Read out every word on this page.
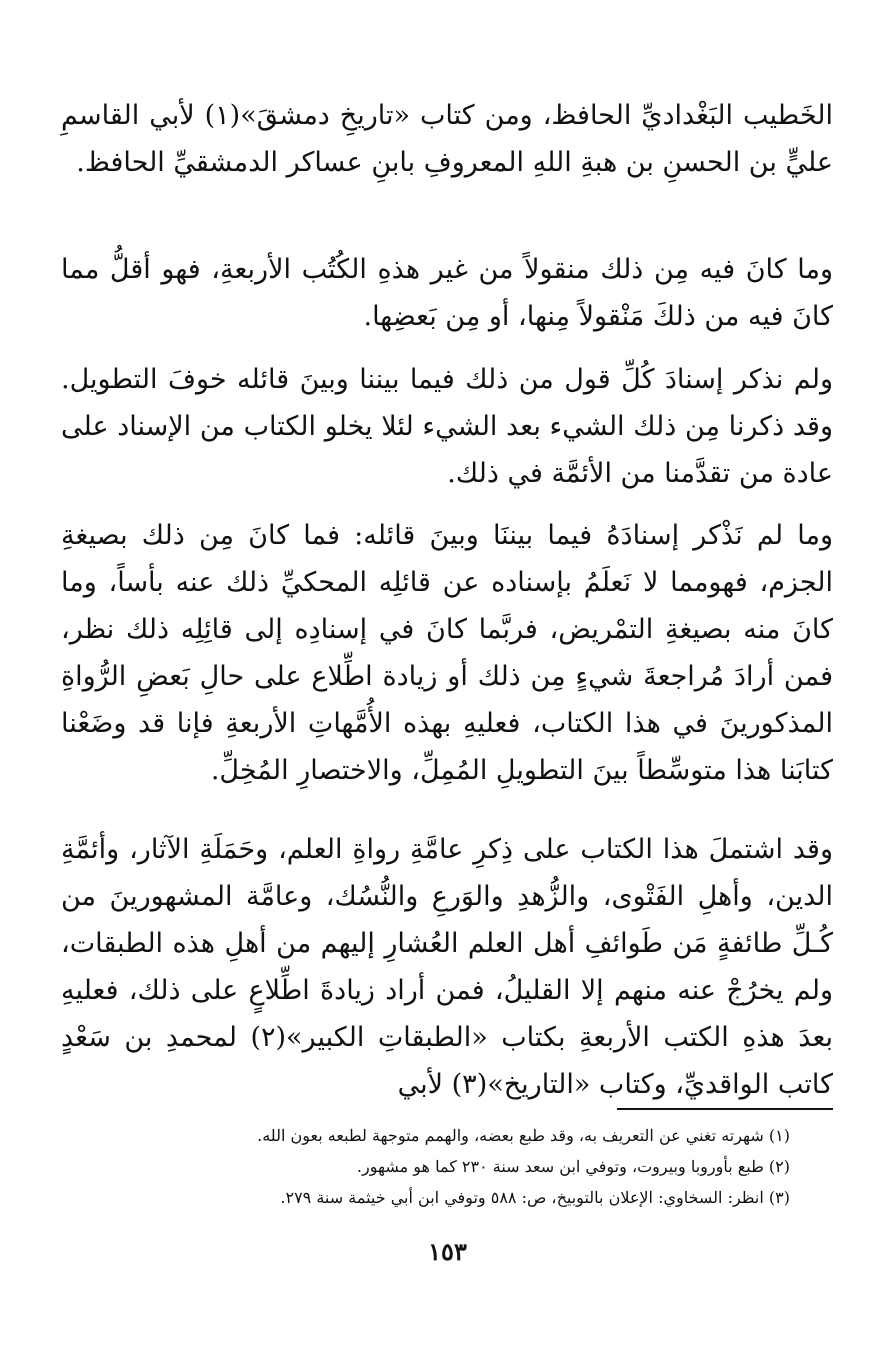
الخَطيب البَغْداديِّ الحافظ، ومن كتاب «تاريخِ دمشقَ»(١) لأبي القاسمِ عليٍّ بن الحسنِ بن هبةِ اللهِ المعروفِ بابنِ عساكر الدمشقيِّ الحافظ.

وما كانَ فيه مِن ذلك منقولاً من غير هذهِ الكُتُب الأربعةِ، فهو أقلُّ مما كانَ فيه من ذلكَ مَنْقولاً مِنها، أو مِن بَعضِها.

ولم نذكر إسنادَ كُلِّ قول من ذلك فيما بيننا وبينَ قائله خوفَ التطويل. وقد ذكرنا مِن ذلك الشيء بعد الشيء لئلا يخلو الكتاب من الإسناد على عادة من تقدَّمنا من الأئمَّة في ذلك.

وما لم نَذْكر إسنادَهُ فيما بيننَا وبينَ قائله: فما كانَ مِن ذلك بصيغةِ الجزم، فهومما لا نَعلَمُ بإسناده عن قائلِه المحكيِّ ذلك عنه بأساً، وما كانَ منه بصيغةِ التمْريض، فربَّما كانَ في إسنادِه إلى قائِلِه ذلك نظر، فمن أرادَ مُراجعةَ شيءٍ مِن ذلك أو زيادة اطِّلاع على حالِ بَعضِ الرُّواةِ المذكورينَ في هذا الكتاب، فعليهِ بهذه الأُمَّهاتِ الأربعةِ فإنا قد وضَعْنا كتابَنا هذا متوسِّطاً بينَ التطويلِ المُمِلِّ، والاختصارِ المُخِلِّ.

وقد اشتملَ هذا الكتاب على ذِكرِ عامَّةِ رواةِ العلم، وحَمَلَةِ الآثار، وأئمَّةِ الدين، وأهلِ الفَتْوى، والزُّهدِ والوَرعِ والنُّسُك، وعامَّة المشهورينَ من كُـلِّ طائفةٍ مَن طَوائفِ أهل العلم العُشارِ إليهم من أهلِ هذه الطبقات، ولم يخرُجْ عنه منهم إلا القليلُ، فمن أراد زيادةَ اطِّلاعٍ على ذلك، فعليهِ بعدَ هذهِ الكتب الأربعةِ بكتاب «الطبقاتِ الكبير»(٢) لمحمدِ بن سَعْدٍ كاتب الواقديِّ، وكتاب «التاريخ»(٣) لأبي

(١) شهرته تغني عن التعريف به، وقد طبع بعضه، والهمم متوجهة لطبعه بعون الله.

(٢) طبع بأوروبا وبيروت، وتوفي ابن سعد سنة ٢٣٠ كما هو مشهور.

(٣) انظر: السخاوي: الإعلان بالتوبيخ، ص: ٥٨٨ وتوفي ابن أبي خيثمة سنة ٢٧٩.

١٥٣
